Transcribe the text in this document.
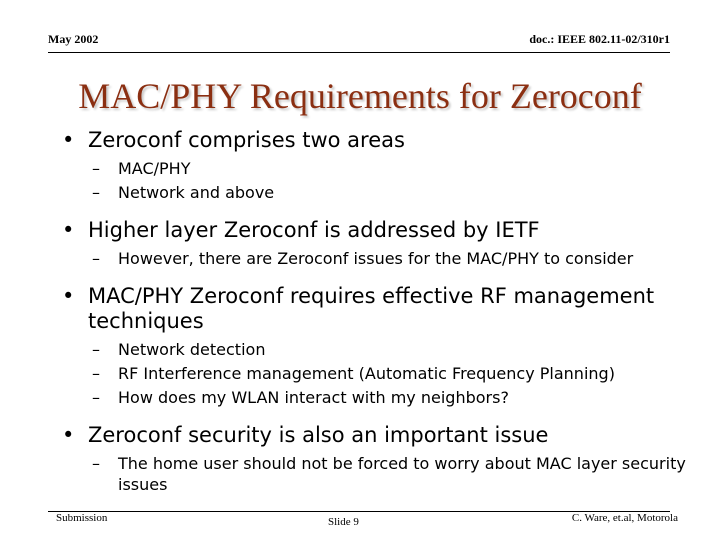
May 2002	doc.: IEEE 802.11-02/310r1
MAC/PHY Requirements for Zeroconf
• Zeroconf comprises two areas
– MAC/PHY
– Network and above
• Higher layer Zeroconf is addressed by IETF
– However, there are Zeroconf issues for the MAC/PHY to consider
• MAC/PHY Zeroconf requires effective RF management techniques
– Network detection
– RF Interference management (Automatic Frequency Planning)
– How does my WLAN interact with my neighbors?
• Zeroconf security is also an important issue
– The home user should not be forced to worry about MAC layer security issues
Submission	Slide 9	C. Ware, et.al, Motorola
